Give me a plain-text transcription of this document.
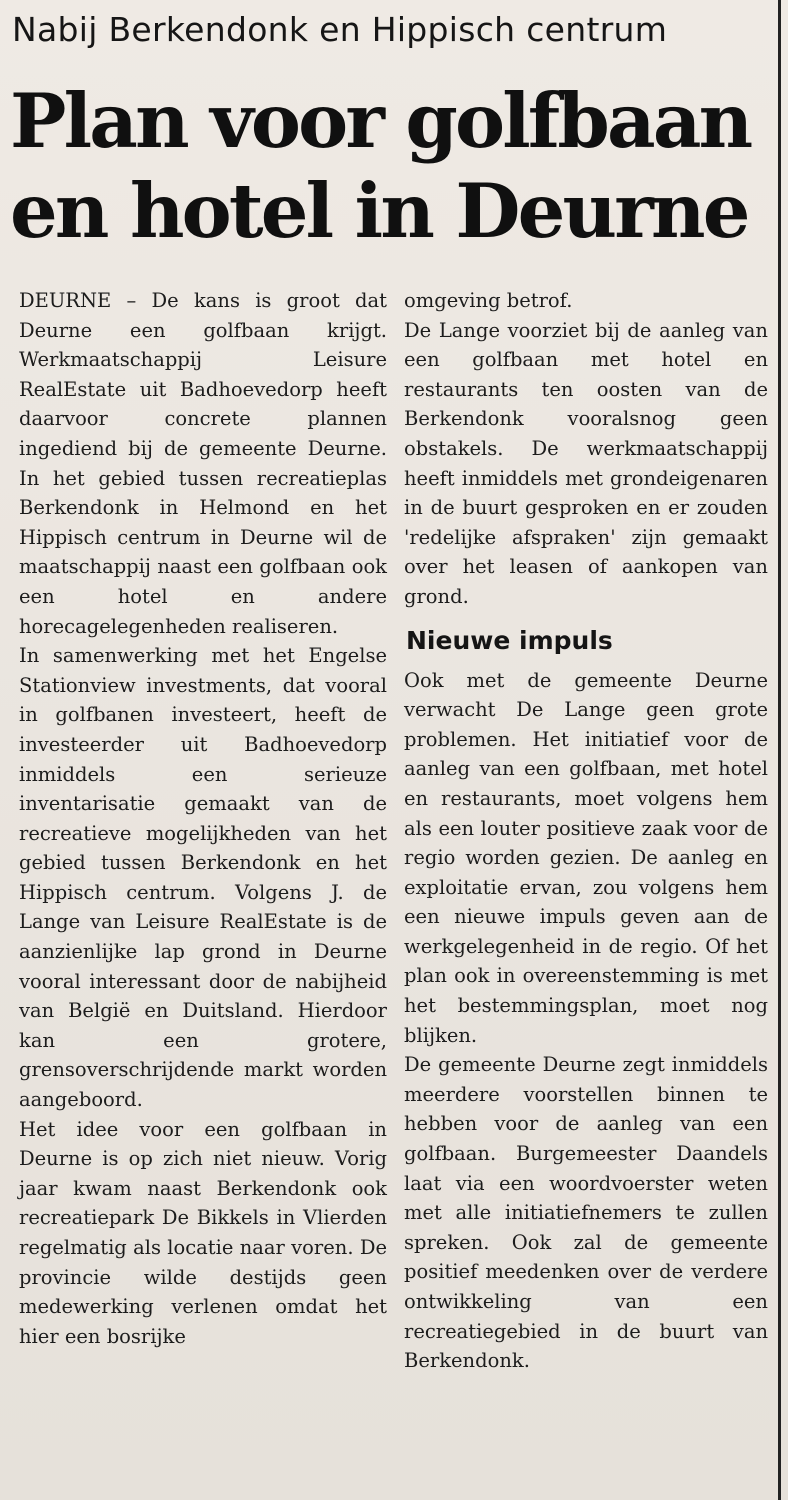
Nabij Berkendonk en Hippisch centrum
Plan voor golfbaan
en hotel in Deurne

DEURNE – De kans is groot dat Deurne een golfbaan krijgt. Werkmaatschappij Leisure RealEstate uit Badhoevedorp heeft daarvoor concrete plannen ingediend bij de gemeente Deurne. In het gebied tussen recreatieplas Berkendonk in Helmond en het Hippisch centrum in Deurne wil de maatschappij naast een golfbaan ook een hotel en andere horecagelegenheden realiseren.

In samenwerking met het Engelse Stationview investments, dat vooral in golfbanen investeert, heeft de investeerder uit Badhoevedorp inmiddels een serieuze inventarisatie gemaakt van de recreatieve mogelijkheden van het gebied tussen Berkendonk en het Hippisch centrum. Volgens J. de Lange van Leisure RealEstate is de aanzienlijke lap grond in Deurne vooral interessant door de nabijheid van België en Duitsland. Hierdoor kan een grotere, grensoverschrijdende markt worden aangeboord.

Het idee voor een golfbaan in Deurne is op zich niet nieuw. Vorig jaar kwam naast Berkendonk ook recreatiepark De Bikkels in Vlierden regelmatig als locatie naar voren. De provincie wilde destijds geen medewerking verlenen omdat het hier een bosrijke

omgeving betrof.

De Lange voorziet bij de aanleg van een golfbaan met hotel en restaurants ten oosten van de Berkendonk vooralsnog geen obstakels. De werkmaatschappij heeft inmiddels met grondeigenaren in de buurt gesproken en er zouden 'redelijke afspraken' zijn gemaakt over het leasen of aankopen van grond.

Nieuwe impuls

Ook met de gemeente Deurne verwacht De Lange geen grote problemen. Het initiatief voor de aanleg van een golfbaan, met hotel en restaurants, moet volgens hem als een louter positieve zaak voor de regio worden gezien. De aanleg en exploitatie ervan, zou volgens hem een nieuwe impuls geven aan de werkgelegenheid in de regio. Of het plan ook in overeenstemming is met het bestemmingsplan, moet nog blijken.

De gemeente Deurne zegt inmiddels meerdere voorstellen binnen te hebben voor de aanleg van een golfbaan. Burgemeester Daandels laat via een woordvoerster weten met alle initiatiefnemers te zullen spreken. Ook zal de gemeente positief meedenken over de verdere ontwikkeling van een recreatiegebied in de buurt van Berkendonk.
